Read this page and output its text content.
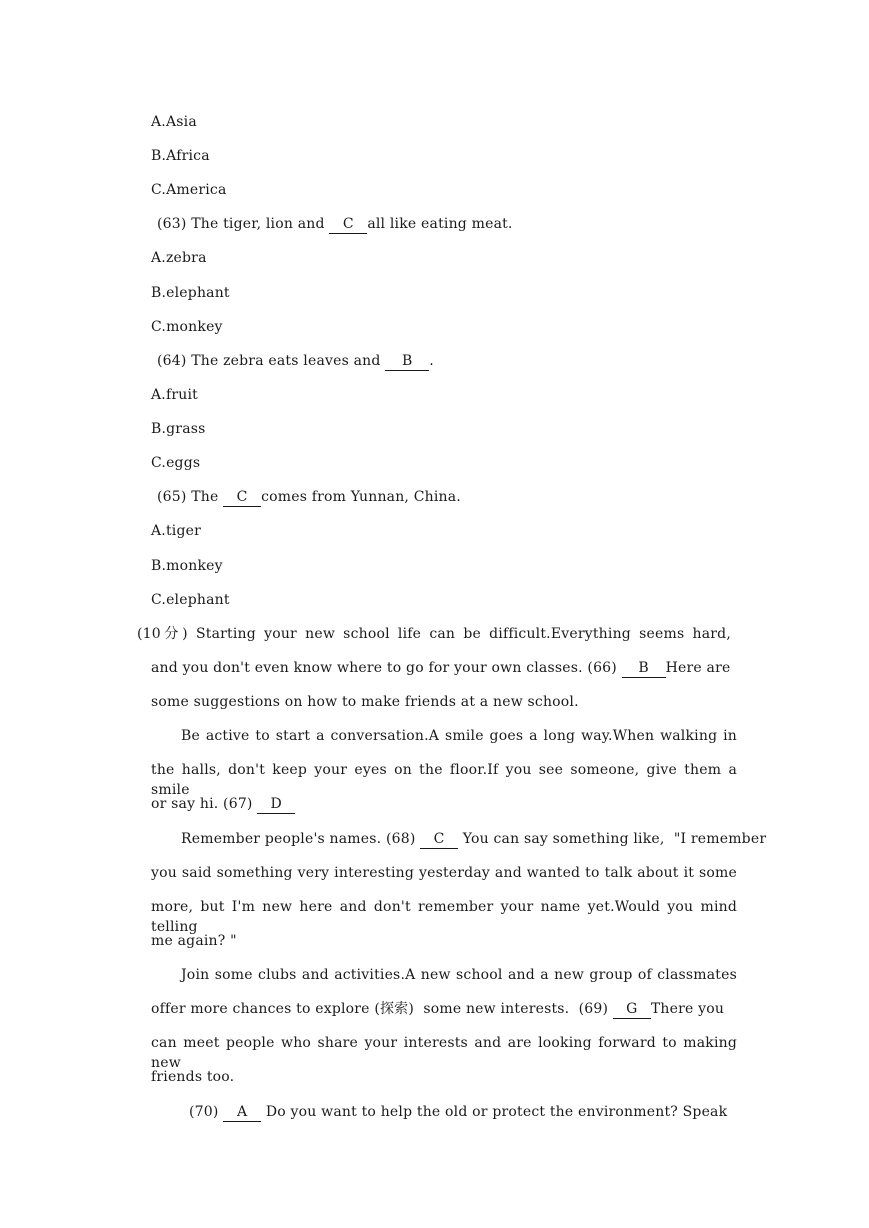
A.Asia
B.Africa
C.America
(63) The tiger, lion and C all like eating meat.
A.zebra
B.elephant
C.monkey
(64) The zebra eats leaves and B .
A.fruit
B.grass
C.eggs
(65) The C comes from Yunnan, China.
A.tiger
B.monkey
C.elephant
(10分) Starting your new school life can be difficult.Everything seems hard,
and you don't even know where to go for your own classes. (66) B Here are
some suggestions on how to make friends at a new school.
Be active to start a conversation.A smile goes a long way.When walking in
the halls, don't keep your eyes on the floor.If you see someone, give them a smile
or say hi. (67) D
Remember people's names. (68) C You can say something like,  "I remember
you said something very interesting yesterday and wanted to talk about it some
more, but I'm new here and don't remember your name yet.Would you mind telling
me again? "
Join some clubs and activities.A new school and a new group of classmates
offer more chances to explore (探索)  some new interests.  (69) G There you
can meet people who share your interests and are looking forward to making new
friends too.
(70) A Do you want to help the old or protect the environment? Speak
